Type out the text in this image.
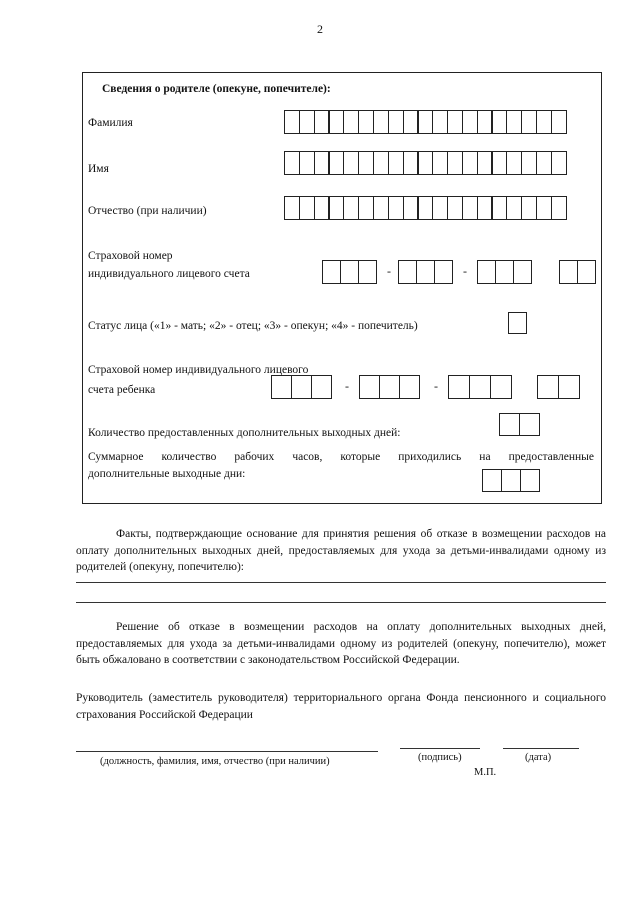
2
Сведения о родителе (опекуне, попечителе):
Фамилия
Имя
Отчество (при наличии)
Страховой номер
индивидуального лицевого счета	-	-
Статус лица («1» - мать; «2» - отец; «3» - опекун; «4» - попечитель)
Страховой номер индивидуального лицевого
счета ребенка	-	-
Количество предоставленных дополнительных выходных дней:
Суммарное количество рабочих часов, которые приходились на предоставленные
дополнительные выходные дни:
Факты, подтверждающие основание для принятия решения об отказе в возмещении расходов на оплату дополнительных выходных дней, предоставляемых для ухода за детьми-инвалидами одному из родителей (опекуну, попечителю):
Решение об отказе в возмещении расходов на оплату дополнительных выходных дней, предоставляемых для ухода за детьми-инвалидами одному из родителей (опекуну, попечителю), может быть обжаловано в соответствии с законодательством Российской Федерации.
Руководитель (заместитель руководителя) территориального органа Фонда пенсионного и социального страхования Российской Федерации
(должность, фамилия, имя, отчество (при наличии)	(подпись)	(дата)
М.П.
